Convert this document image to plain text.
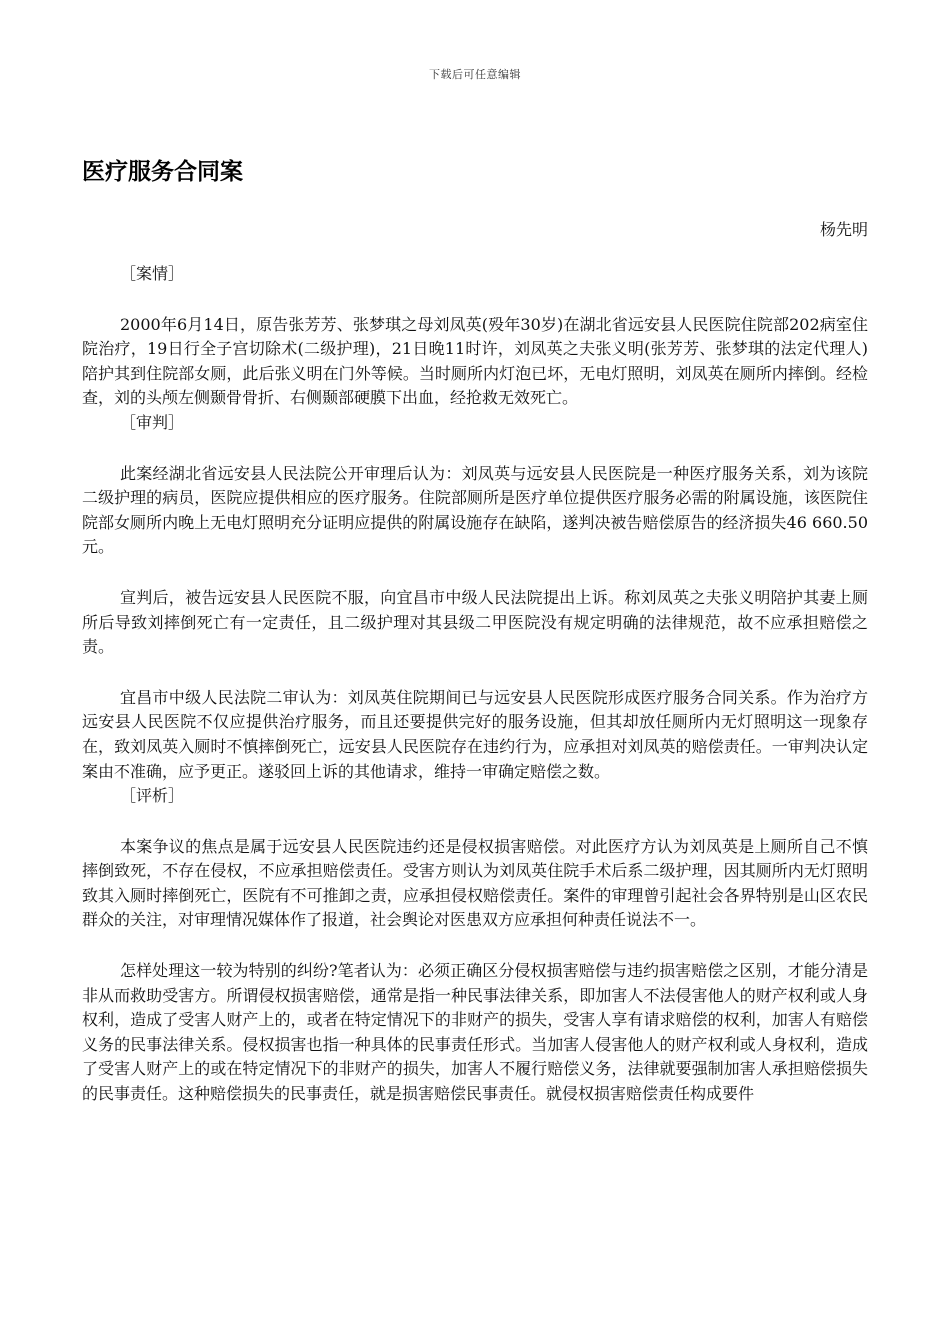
下载后可任意编辑
医疗服务合同案
杨先明

［案情］

2000年6月14日，原告张芳芳、张梦琪之母刘凤英(殁年30岁)在湖北省远安县人民医院住院部202病室住院治疗，19日行全子宫切除术(二级护理)，21日晚11时许，刘凤英之夫张义明(张芳芳、张梦琪的法定代理人)陪护其到住院部女厕，此后张义明在门外等候。当时厕所内灯泡已坏，无电灯照明，刘凤英在厕所内摔倒。经检查，刘的头颅左侧颞骨骨折、右侧颞部硬膜下出血，经抢救无效死亡。

［审判］

此案经湖北省远安县人民法院公开审理后认为：刘凤英与远安县人民医院是一种医疗服务关系，刘为该院二级护理的病员，医院应提供相应的医疗服务。住院部厕所是医疗单位提供医疗服务必需的附属设施，该医院住院部女厕所内晚上无电灯照明充分证明应提供的附属设施存在缺陷，遂判决被告赔偿原告的经济损失46 660.50元。

宣判后，被告远安县人民医院不服，向宜昌市中级人民法院提出上诉。称刘凤英之夫张义明陪护其妻上厕所后导致刘摔倒死亡有一定责任，且二级护理对其县级二甲医院没有规定明确的法律规范，故不应承担赔偿之责。

宜昌市中级人民法院二审认为：刘凤英住院期间已与远安县人民医院形成医疗服务合同关系。作为治疗方远安县人民医院不仅应提供治疗服务，而且还要提供完好的服务设施，但其却放任厕所内无灯照明这一现象存在，致刘凤英入厕时不慎摔倒死亡，远安县人民医院存在违约行为，应承担对刘凤英的赔偿责任。一审判决认定案由不准确，应予更正。遂驳回上诉的其他请求，维持一审确定赔偿之数。

［评析］

本案争议的焦点是属于远安县人民医院违约还是侵权损害赔偿。对此医疗方认为刘凤英是上厕所自己不慎摔倒致死，不存在侵权，不应承担赔偿责任。受害方则认为刘凤英住院手术后系二级护理，因其厕所内无灯照明致其入厕时摔倒死亡，医院有不可推卸之责，应承担侵权赔偿责任。案件的审理曾引起社会各界特别是山区农民群众的关注，对审理情况媒体作了报道，社会舆论对医患双方应承担何种责任说法不一。

怎样处理这一较为特别的纠纷?笔者认为：必须正确区分侵权损害赔偿与违约损害赔偿之区别，才能分清是非从而救助受害方。所谓侵权损害赔偿，通常是指一种民事法律关系，即加害人不法侵害他人的财产权利或人身权利，造成了受害人财产上的，或者在特定情况下的非财产的损失，受害人享有请求赔偿的权利，加害人有赔偿义务的民事法律关系。侵权损害也指一种具体的民事责任形式。当加害人侵害他人的财产权利或人身权利，造成了受害人财产上的或在特定情况下的非财产的损失，加害人不履行赔偿义务，法律就要强制加害人承担赔偿损失的民事责任。这种赔偿损失的民事责任，就是损害赔偿民事责任。就侵权损害赔偿责任构成要件
